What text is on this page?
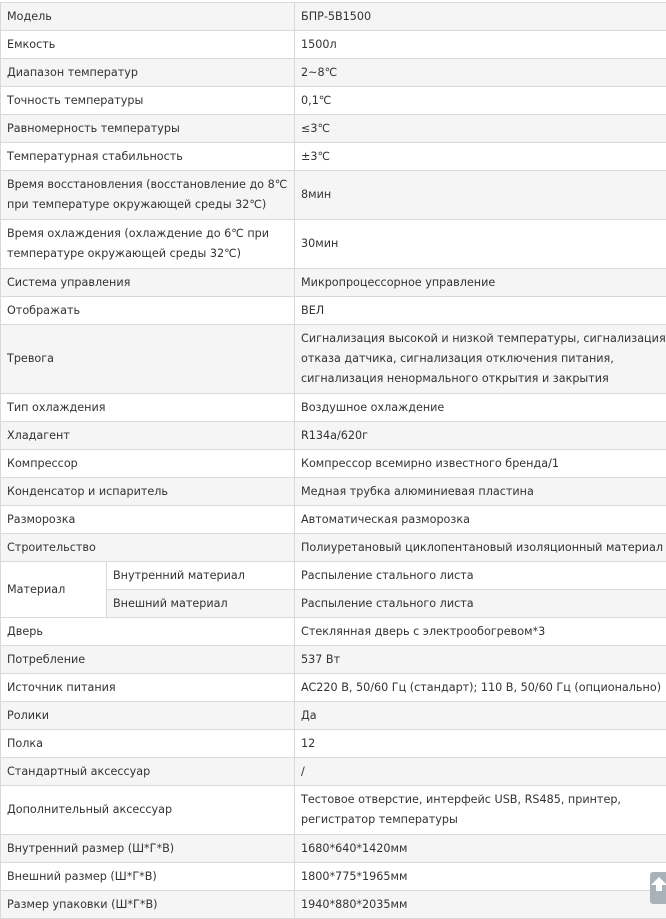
Модель		БПР-5В1500
Емкость		1500л
Диапазон температур		2~8℃
Точность температуры		0,1℃
Равномерность температуры		≤3℃
Температурная стабильность		±3℃
Время восстановления (восстановление до 8℃ при температуре окружающей среды 32℃)		8мин
Время охлаждения (охлаждение до 6℃ при температуре окружающей среды 32℃)		30мин
Система управления		Микропроцессорное управление
Отображать		ВЕЛ
Тревога		Сигнализация высокой и низкой температуры, сигнализация отказа датчика, сигнализация отключения питания, сигнализация ненормального открытия и закрытия
Тип охлаждения		Воздушное охлаждение
Хладагент		R134a/620г
Компрессор		Компрессор всемирно известного бренда/1
Конденсатор и испаритель		Медная трубка алюминиевая пластина
Разморозка		Автоматическая разморозка
Строительство		Полиуретановый циклопентановый изоляционный материал
Материал	Внутренний материал	Распыление стального листа
	Внешний материал	Распыление стального листа
Дверь		Стеклянная дверь с электрообогревом*3
Потребление		537 Вт
Источник питания		AC220 В, 50/60 Гц (стандарт); 110 В, 50/60 Гц (опционально)
Ролики		Да
Полка		12
Стандартный аксессуар		/
Дополнительный аксессуар		Тестовое отверстие, интерфейс USB, RS485, принтер, регистратор температуры
Внутренний размер (Ш*Г*В)		1680*640*1420мм
Внешний размер (Ш*Г*В)		1800*775*1965мм
Размер упаковки (Ш*Г*В)		1940*880*2035мм
